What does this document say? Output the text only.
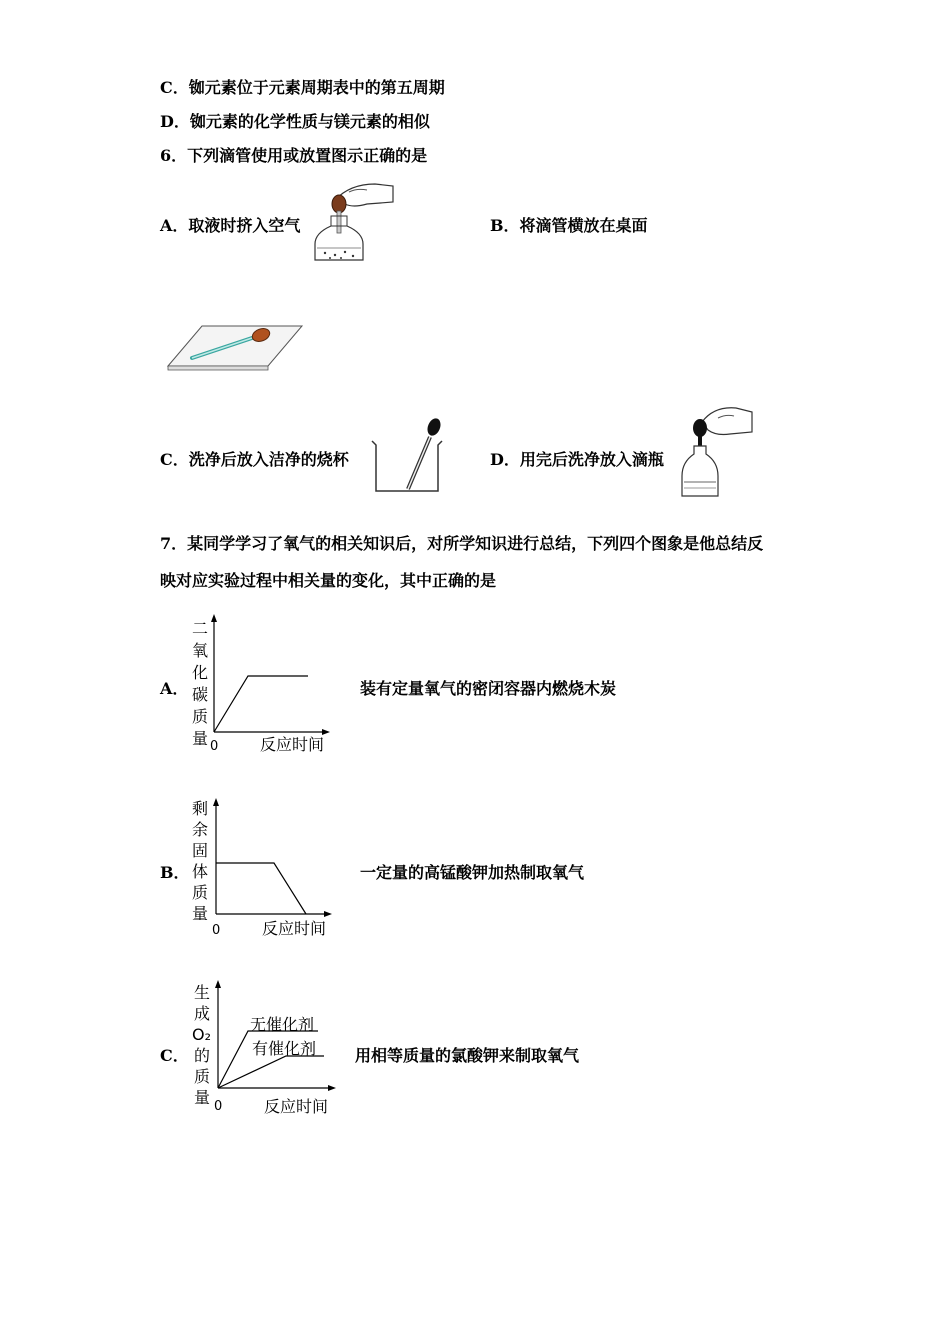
C．铷元素位于元素周期表中的第五周期
D．铷元素的化学性质与镁元素的相似
6．下列滴管使用或放置图示正确的是
A．取液时挤入空气	B．将滴管横放在桌面
C．洗净后放入洁净的烧杯	D．用完后洗净放入滴瓶
7．某同学学习了氧气的相关知识后，对所学知识进行总结，下列四个图象是他总结反
映对应实验过程中相关量的变化，其中正确的是
A．
二
氧
化
碳
质
量 0	反应时间
装有定量氧气的密闭容器内燃烧木炭
B．
剩
余
固
体
质
量
0	反应时间
一定量的高锰酸钾加热制取氧气
C．
生
成
O₂
的
质
量 0	反应时间
无催化剂
有催化剂 用相等质量的氯酸钾来制取氧气
